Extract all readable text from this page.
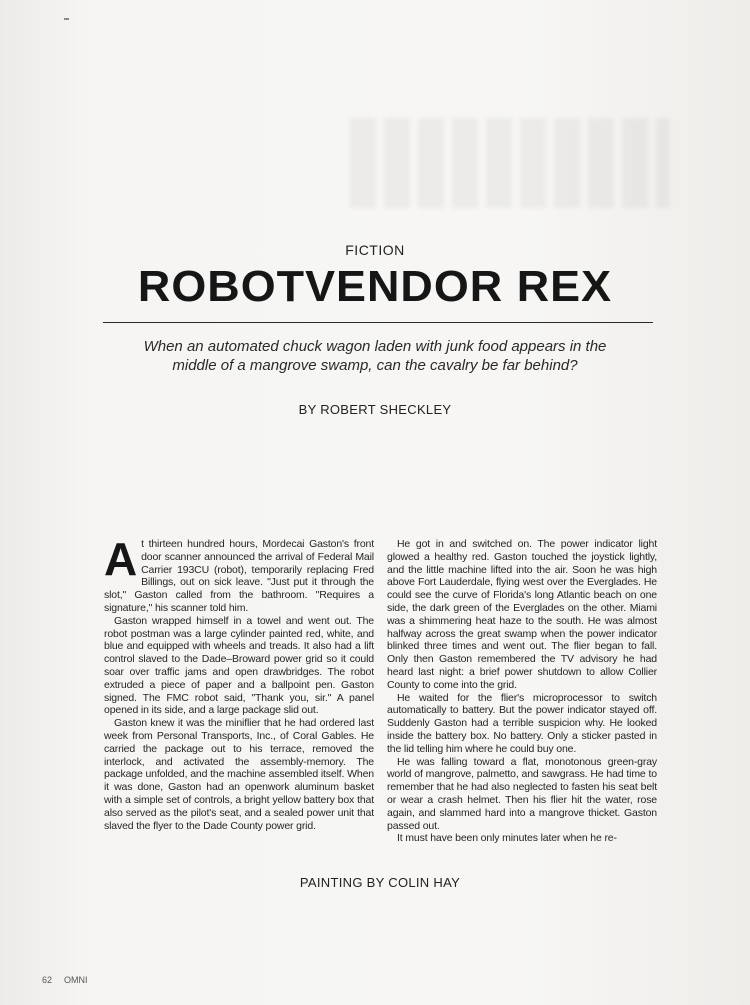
FICTION
ROBOTVENDOR REX
When an automated chuck wagon laden with junk food appears in the middle of a mangrove swamp, can the cavalry be far behind?
BY ROBERT SHECKLEY

At thirteen hundred hours, Mordecai Gaston's front door scanner announced the arrival of Federal Mail Carrier 193CU (robot), temporarily replacing Fred Billings, out on sick leave. "Just put it through the slot," Gaston called from the bathroom. "Requires a signature," his scanner told him.

Gaston wrapped himself in a towel and went out. The robot postman was a large cylinder painted red, white, and blue and equipped with wheels and treads. It also had a lift control slaved to the Dade–Broward power grid so it could soar over traffic jams and open drawbridges. The robot extruded a piece of paper and a ballpoint pen. Gaston signed. The FMC robot said, "Thank you, sir." A panel opened in its side, and a large package slid out.

Gaston knew it was the miniflier that he had ordered last week from Personal Transports, Inc., of Coral Gables. He carried the package out to his terrace, removed the interlock, and activated the assembly-memory. The package unfolded, and the machine assembled itself. When it was done, Gaston had an openwork aluminum basket with a simple set of controls, a bright yellow battery box that also served as the pilot's seat, and a sealed power unit that slaved the flyer to the Dade County power grid.

He got in and switched on. The power indicator light glowed a healthy red. Gaston touched the joystick lightly, and the little machine lifted into the air. Soon he was high above Fort Lauderdale, flying west over the Everglades. He could see the curve of Florida's long Atlantic beach on one side, the dark green of the Everglades on the other. Miami was a shimmering heat haze to the south. He was almost halfway across the great swamp when the power indicator blinked three times and went out. The flier began to fall. Only then Gaston remembered the TV advisory he had heard last night: a brief power shutdown to allow Collier County to come into the grid.

He waited for the flier's microprocessor to switch automatically to battery. But the power indicator stayed off. Suddenly Gaston had a terrible suspicion why. He looked inside the battery box. No battery. Only a sticker pasted in the lid telling him where he could buy one.

He was falling toward a flat, monotonous green-gray world of mangrove, palmetto, and sawgrass. He had time to remember that he had also neglected to fasten his seat belt or wear a crash helmet. Then his flier hit the water, rose again, and slammed hard into a mangrove thicket. Gaston passed out.

It must have been only minutes later when he re-

PAINTING BY COLIN HAY
62 OMNI
